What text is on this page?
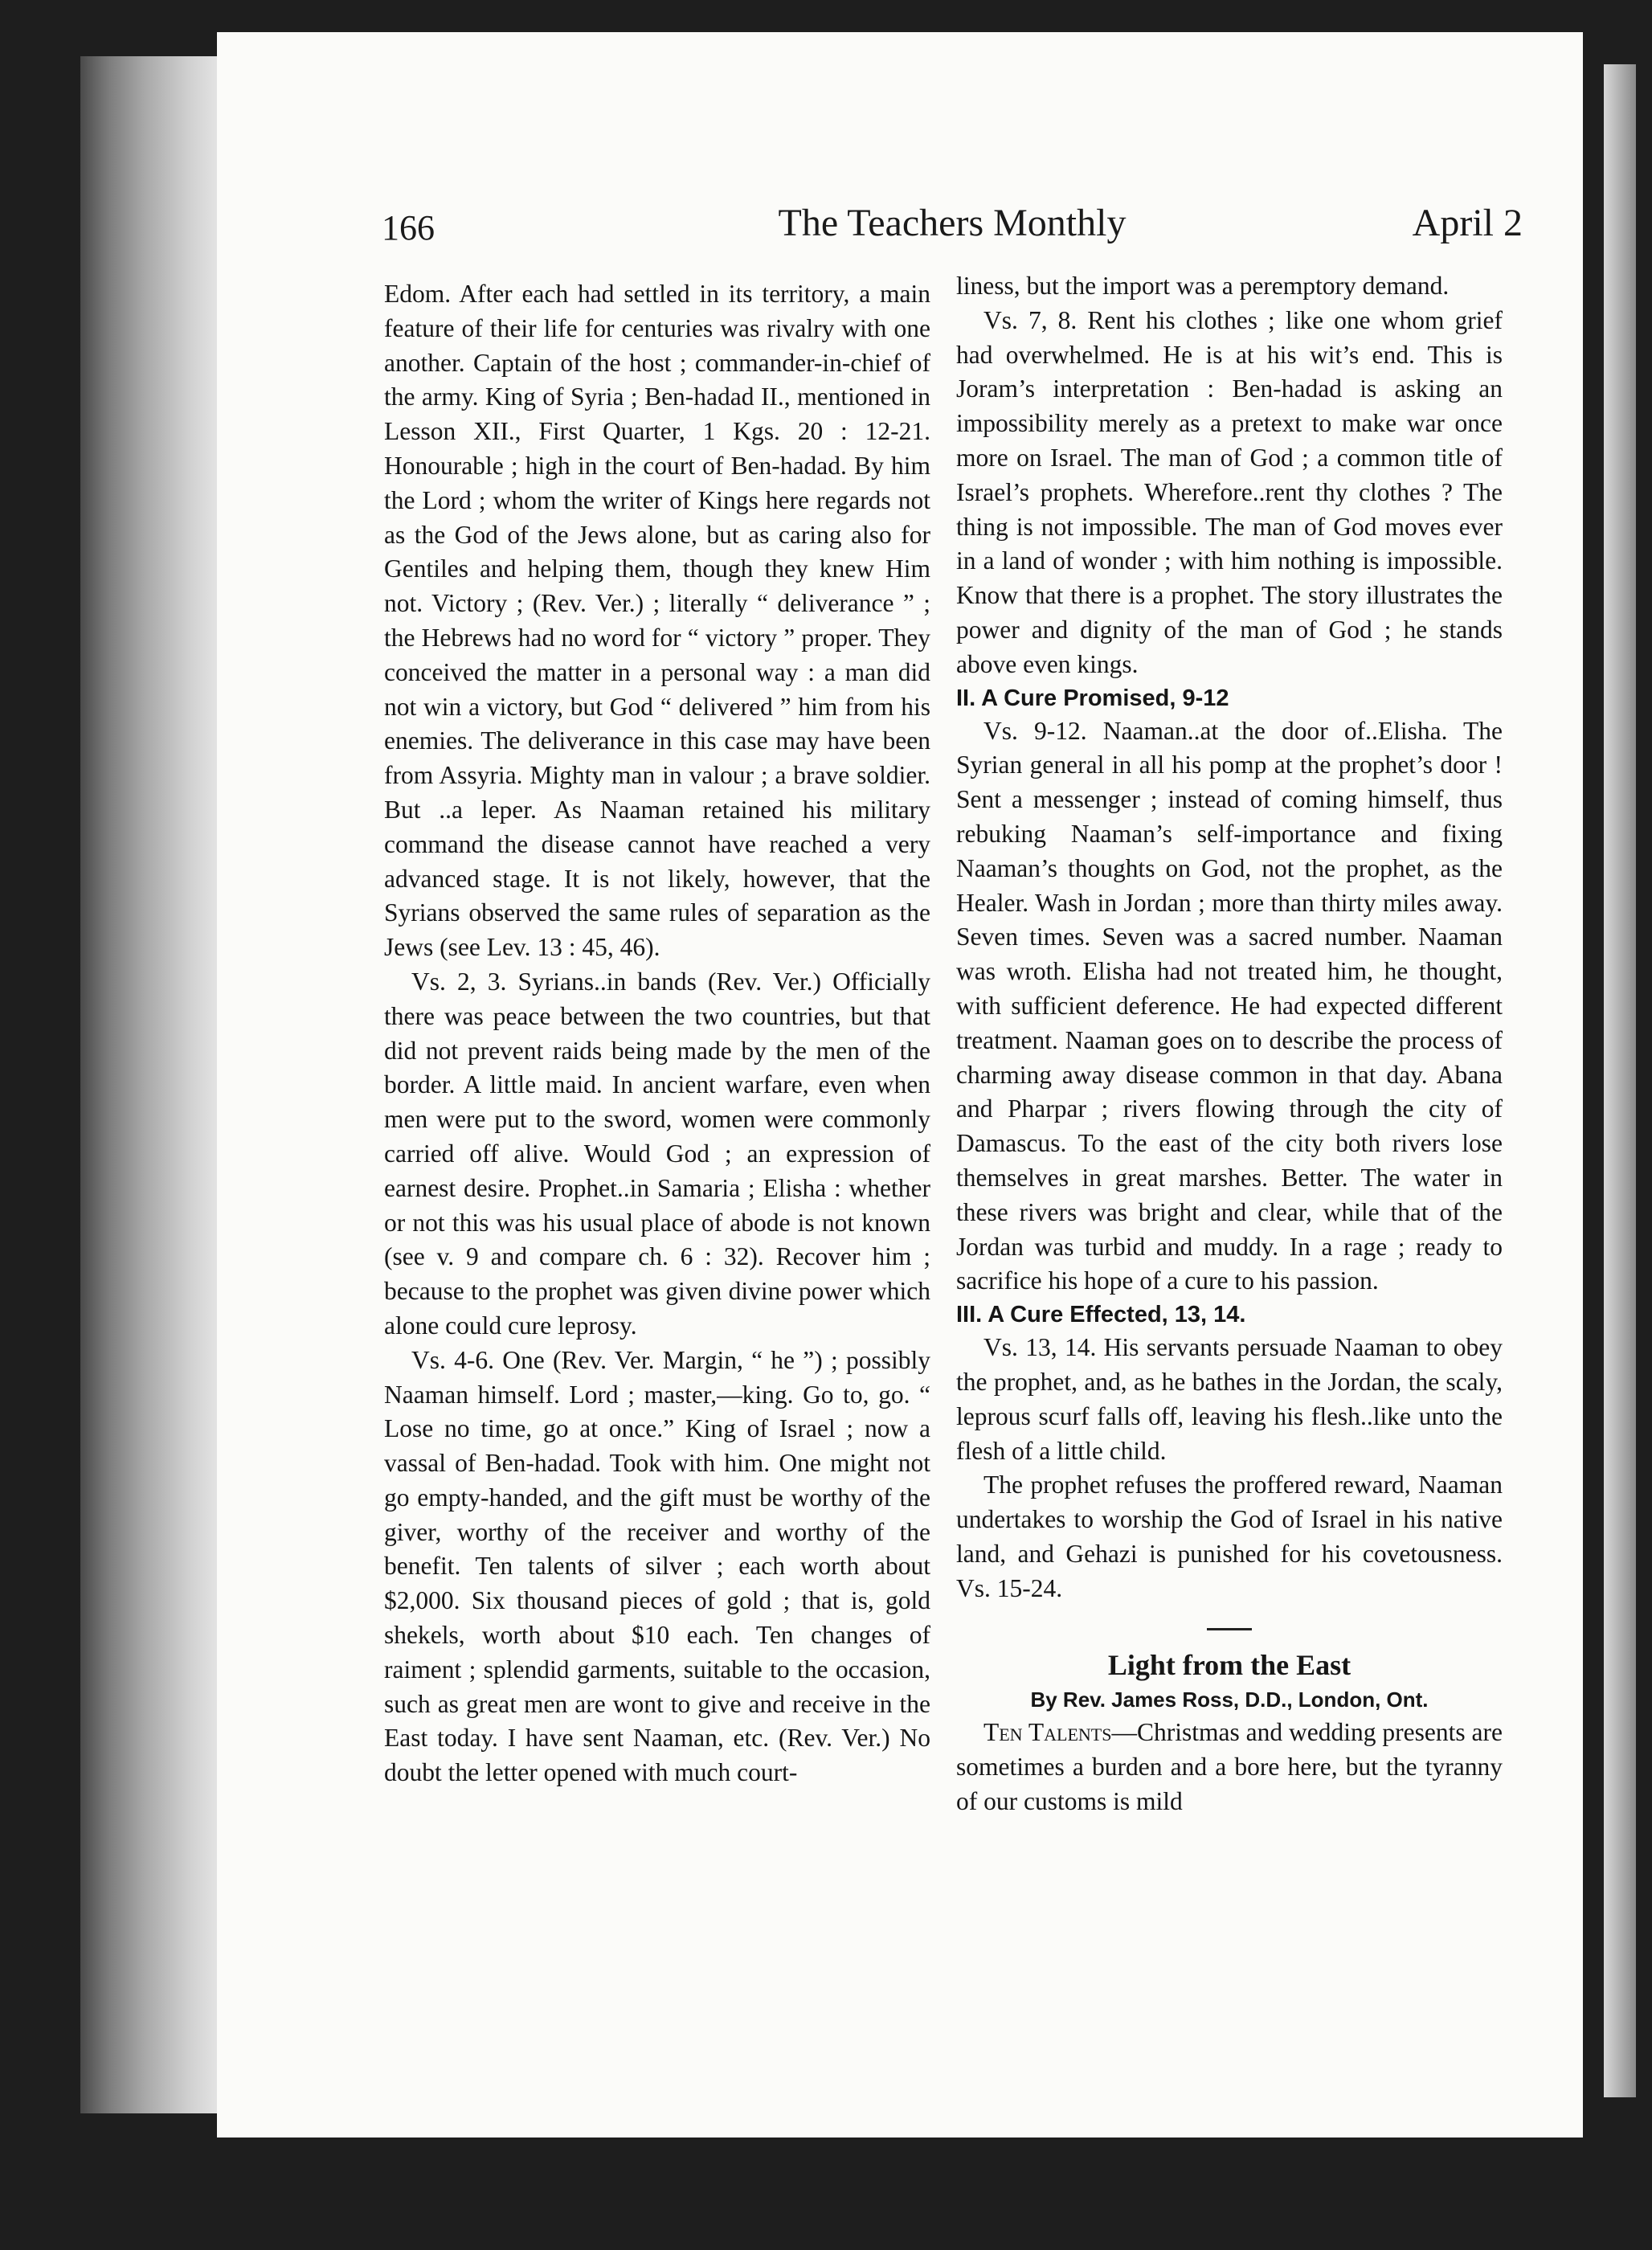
166	The Teachers Monthly	April 2

Edom. After each had settled in its territory, a main feature of their life for centuries was rivalry with one another. Captain of the host ; commander-in-chief of the army. King of Syria ; Ben-hadad II., mentioned in Lesson XII., First Quarter, 1 Kgs. 20 : 12-21. Honourable ; high in the court of Ben-hadad. By him the Lord ; whom the writer of Kings here regards not as the God of the Jews alone, but as caring also for Gentiles and helping them, though they knew Him not. Victory ; (Rev. Ver.) ; literally “ deliverance ” ; the Hebrews had no word for “ victory ” proper. They conceived the matter in a personal way : a man did not win a victory, but God “ delivered ” him from his enemies. The deliverance in this case may have been from Assyria. Mighty man in valour ; a brave soldier. But ..a leper. As Naaman retained his military command the disease cannot have reached a very advanced stage. It is not likely, however, that the Syrians observed the same rules of separation as the Jews (see Lev. 13 : 45, 46).

Vs. 2, 3. Syrians..in bands (Rev. Ver.) Officially there was peace between the two countries, but that did not prevent raids being made by the men of the border. A little maid. In ancient warfare, even when men were put to the sword, women were commonly carried off alive. Would God ; an expression of earnest desire. Prophet..in Samaria ; Elisha : whether or not this was his usual place of abode is not known (see v. 9 and compare ch. 6 : 32). Recover him ; because to the prophet was given divine power which alone could cure leprosy.

Vs. 4-6. One (Rev. Ver. Margin, “ he ”) ; possibly Naaman himself. Lord ; master,—king. Go to, go. “ Lose no time, go at once.” King of Israel ; now a vassal of Ben-hadad. Took with him. One might not go empty-handed, and the gift must be worthy of the giver, worthy of the receiver and worthy of the benefit. Ten talents of silver ; each worth about $2,000. Six thousand pieces of gold ; that is, gold shekels, worth about $10 each. Ten changes of raiment ; splendid garments, suitable to the occasion, such as great men are wont to give and receive in the East today. I have sent Naaman, etc. (Rev. Ver.) No doubt the letter opened with much court-

liness, but the import was a peremptory demand.

Vs. 7, 8. Rent his clothes ; like one whom grief had overwhelmed. He is at his wit’s end. This is Joram’s interpretation : Ben-hadad is asking an impossibility merely as a pretext to make war once more on Israel. The man of God ; a common title of Israel’s prophets. Wherefore..rent thy clothes ? The thing is not impossible. The man of God moves ever in a land of wonder ; with him nothing is impossible. Know that there is a prophet. The story illustrates the power and dignity of the man of God ; he stands above even kings.

II. A Cure Promised, 9-12

Vs. 9-12. Naaman..at the door of..Elisha. The Syrian general in all his pomp at the prophet’s door ! Sent a messenger ; instead of coming himself, thus rebuking Naaman’s self-importance and fixing Naaman’s thoughts on God, not the prophet, as the Healer. Wash in Jordan ; more than thirty miles away. Seven times. Seven was a sacred number. Naaman was wroth. Elisha had not treated him, he thought, with sufficient deference. He had expected different treatment. Naaman goes on to describe the process of charming away disease common in that day. Abana and Pharpar ; rivers flowing through the city of Damascus. To the east of the city both rivers lose themselves in great marshes. Better. The water in these rivers was bright and clear, while that of the Jordan was turbid and muddy. In a rage ; ready to sacrifice his hope of a cure to his passion.

III. A Cure Effected, 13, 14.

Vs. 13, 14. His servants persuade Naaman to obey the prophet, and, as he bathes in the Jordan, the scaly, leprous scurf falls off, leaving his flesh..like unto the flesh of a little child.

The prophet refuses the proffered reward, Naaman undertakes to worship the God of Israel in his native land, and Gehazi is punished for his covetousness. Vs. 15-24.

Light from the East

By Rev. James Ross, D.D., London, Ont.

Ten Talents—Christmas and wedding presents are sometimes a burden and a bore here, but the tyranny of our customs is mild
